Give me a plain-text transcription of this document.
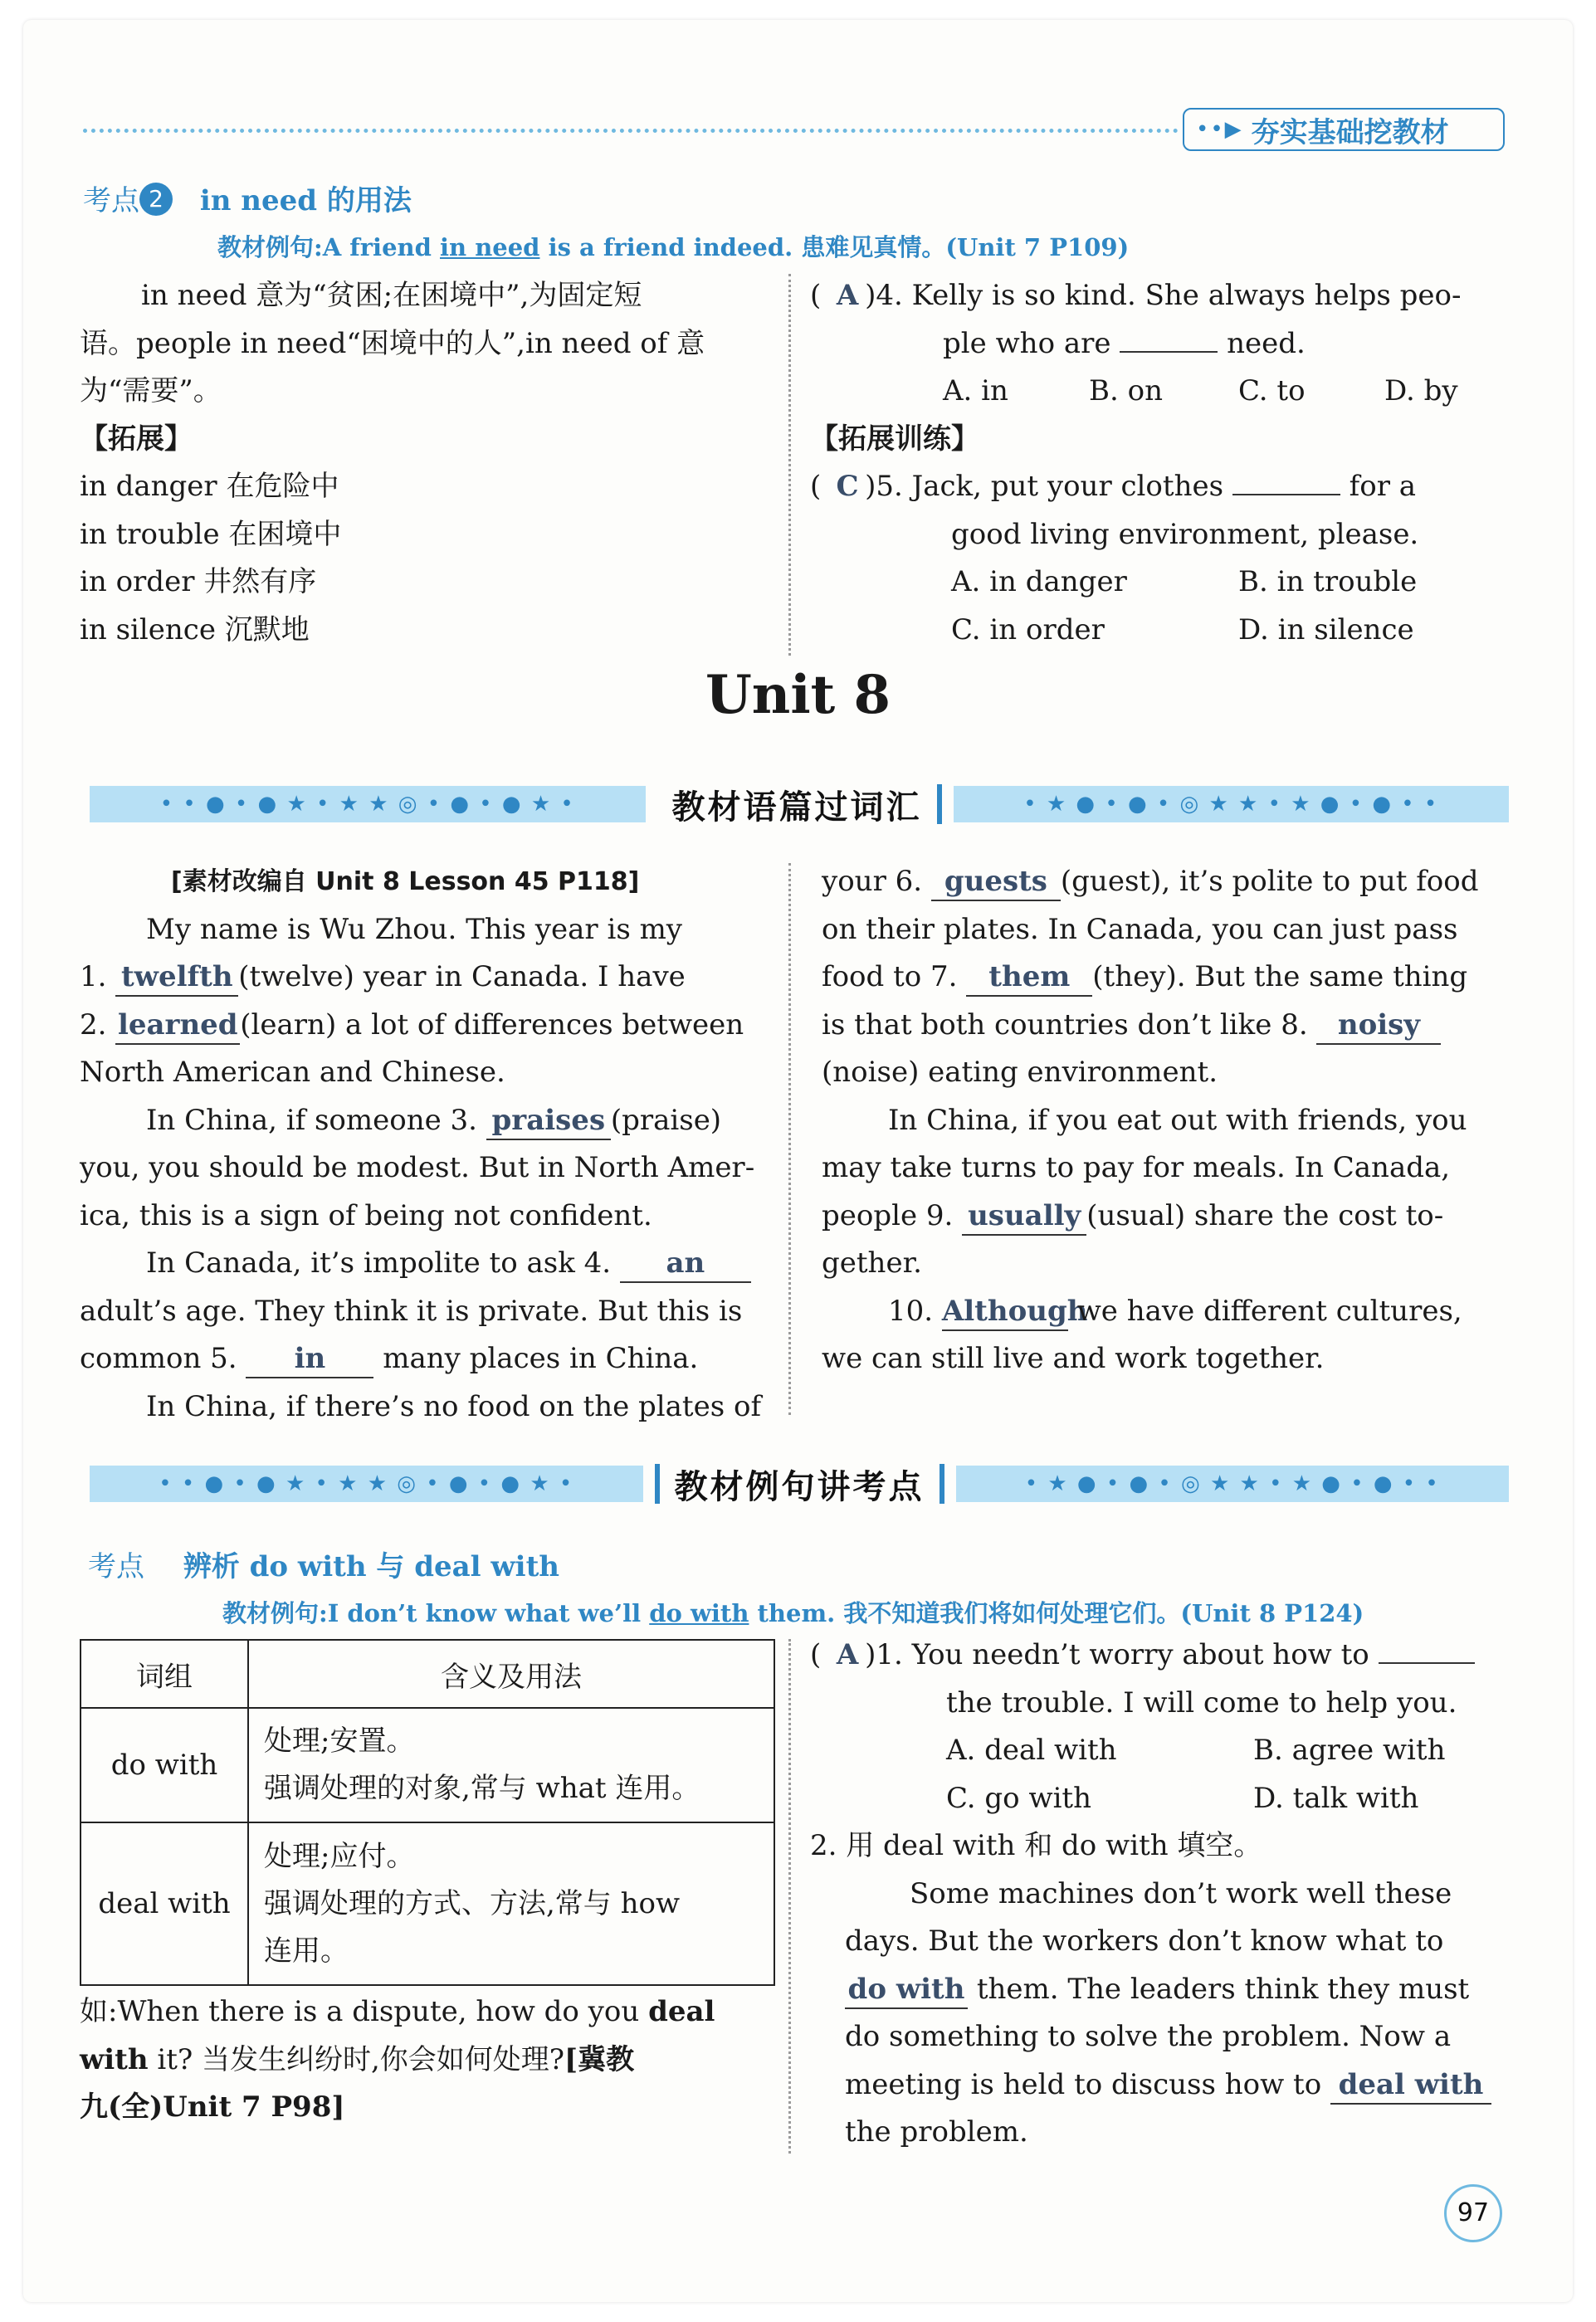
••▶ 夯实基础挖教材
考点 2 in need 的用法
教材例句:A friend in need is a friend indeed. 患难见真情。(Unit 7 P109)
in need 意为“贫困;在困境中”,为固定短
语。people in need“困境中的人”,in need of 意
为“需要”。
【拓展】
in danger 在危险中
in trouble 在困境中
in order 井然有序
in silence 沉默地
( A )4. Kelly is so kind. She always helps peo-
ple who are	need.
A. in	B. on	C. to	D. by
【拓展训练】
( C )5. Jack, put your clothes	for a
good living environment, please.
A. in danger	B. in trouble
C. in order	D. in silence
Unit 8
• • ● • ● ★ • ★ ★ ◎ • ● • ● ★ •	教材语篇过词汇	• ★ ● • ● • ◎ ★ ★ • ★ ● • ● • •
[素材改编自 Unit 8 Lesson 45 P118]
My name is Wu Zhou. This year is my
1. twelfth (twelve) year in Canada. I have
2. learned(learn) a lot of differences between
North American and Chinese.
In China, if someone 3. praises (praise)
you, you should be modest. But in North Amer-
ica, this is a sign of being not confident.
In Canada, it’s impolite to ask 4. an
adult’s age. They think it is private. But this is
common 5. in many places in China.
In China, if there’s no food on the plates of
your 6. guests (guest), it’s polite to put food
on their plates. In Canada, you can just pass
food to 7. them (they). But the same thing
is that both countries don’t like 8. noisy
(noise) eating environment.
In China, if you eat out with friends, you
may take turns to pay for meals. In Canada,
people 9. usually (usual) share the cost to-
gether.
10. Although we have different cultures,
we can still live and work together.
• • ● • ● ★ • ★ ★ ◎ • ● • ● ★ •	教材例句讲考点	• ★ ● • ● • ◎ ★ ★ • ★ ● • ● • •
考点 辨析 do with 与 deal with
教材例句:I don’t know what we’ll do with them. 我不知道我们将如何处理它们。(Unit 8 P124)
词组	含义及用法
do with	处理;安置。
强调处理的对象,常与 what 连用。

deal with	处理;应付。
强调处理的方式、方法,常与 how
连用。
如:When there is a dispute, how do you deal
with it? 当发生纠纷时,你会如何处理?[冀教
九(全)Unit 7 P98]
( A )1. You needn’t worry about how to
the trouble. I will come to help you.
A. deal with	B. agree with
C. go with	D. talk with
2. 用 deal with 和 do with 填空。
Some machines don’t work well these
days. But the workers don’t know what to
do with them. The leaders think they must
do something to solve the problem. Now a
meeting is held to discuss how to deal with
the problem.
97
